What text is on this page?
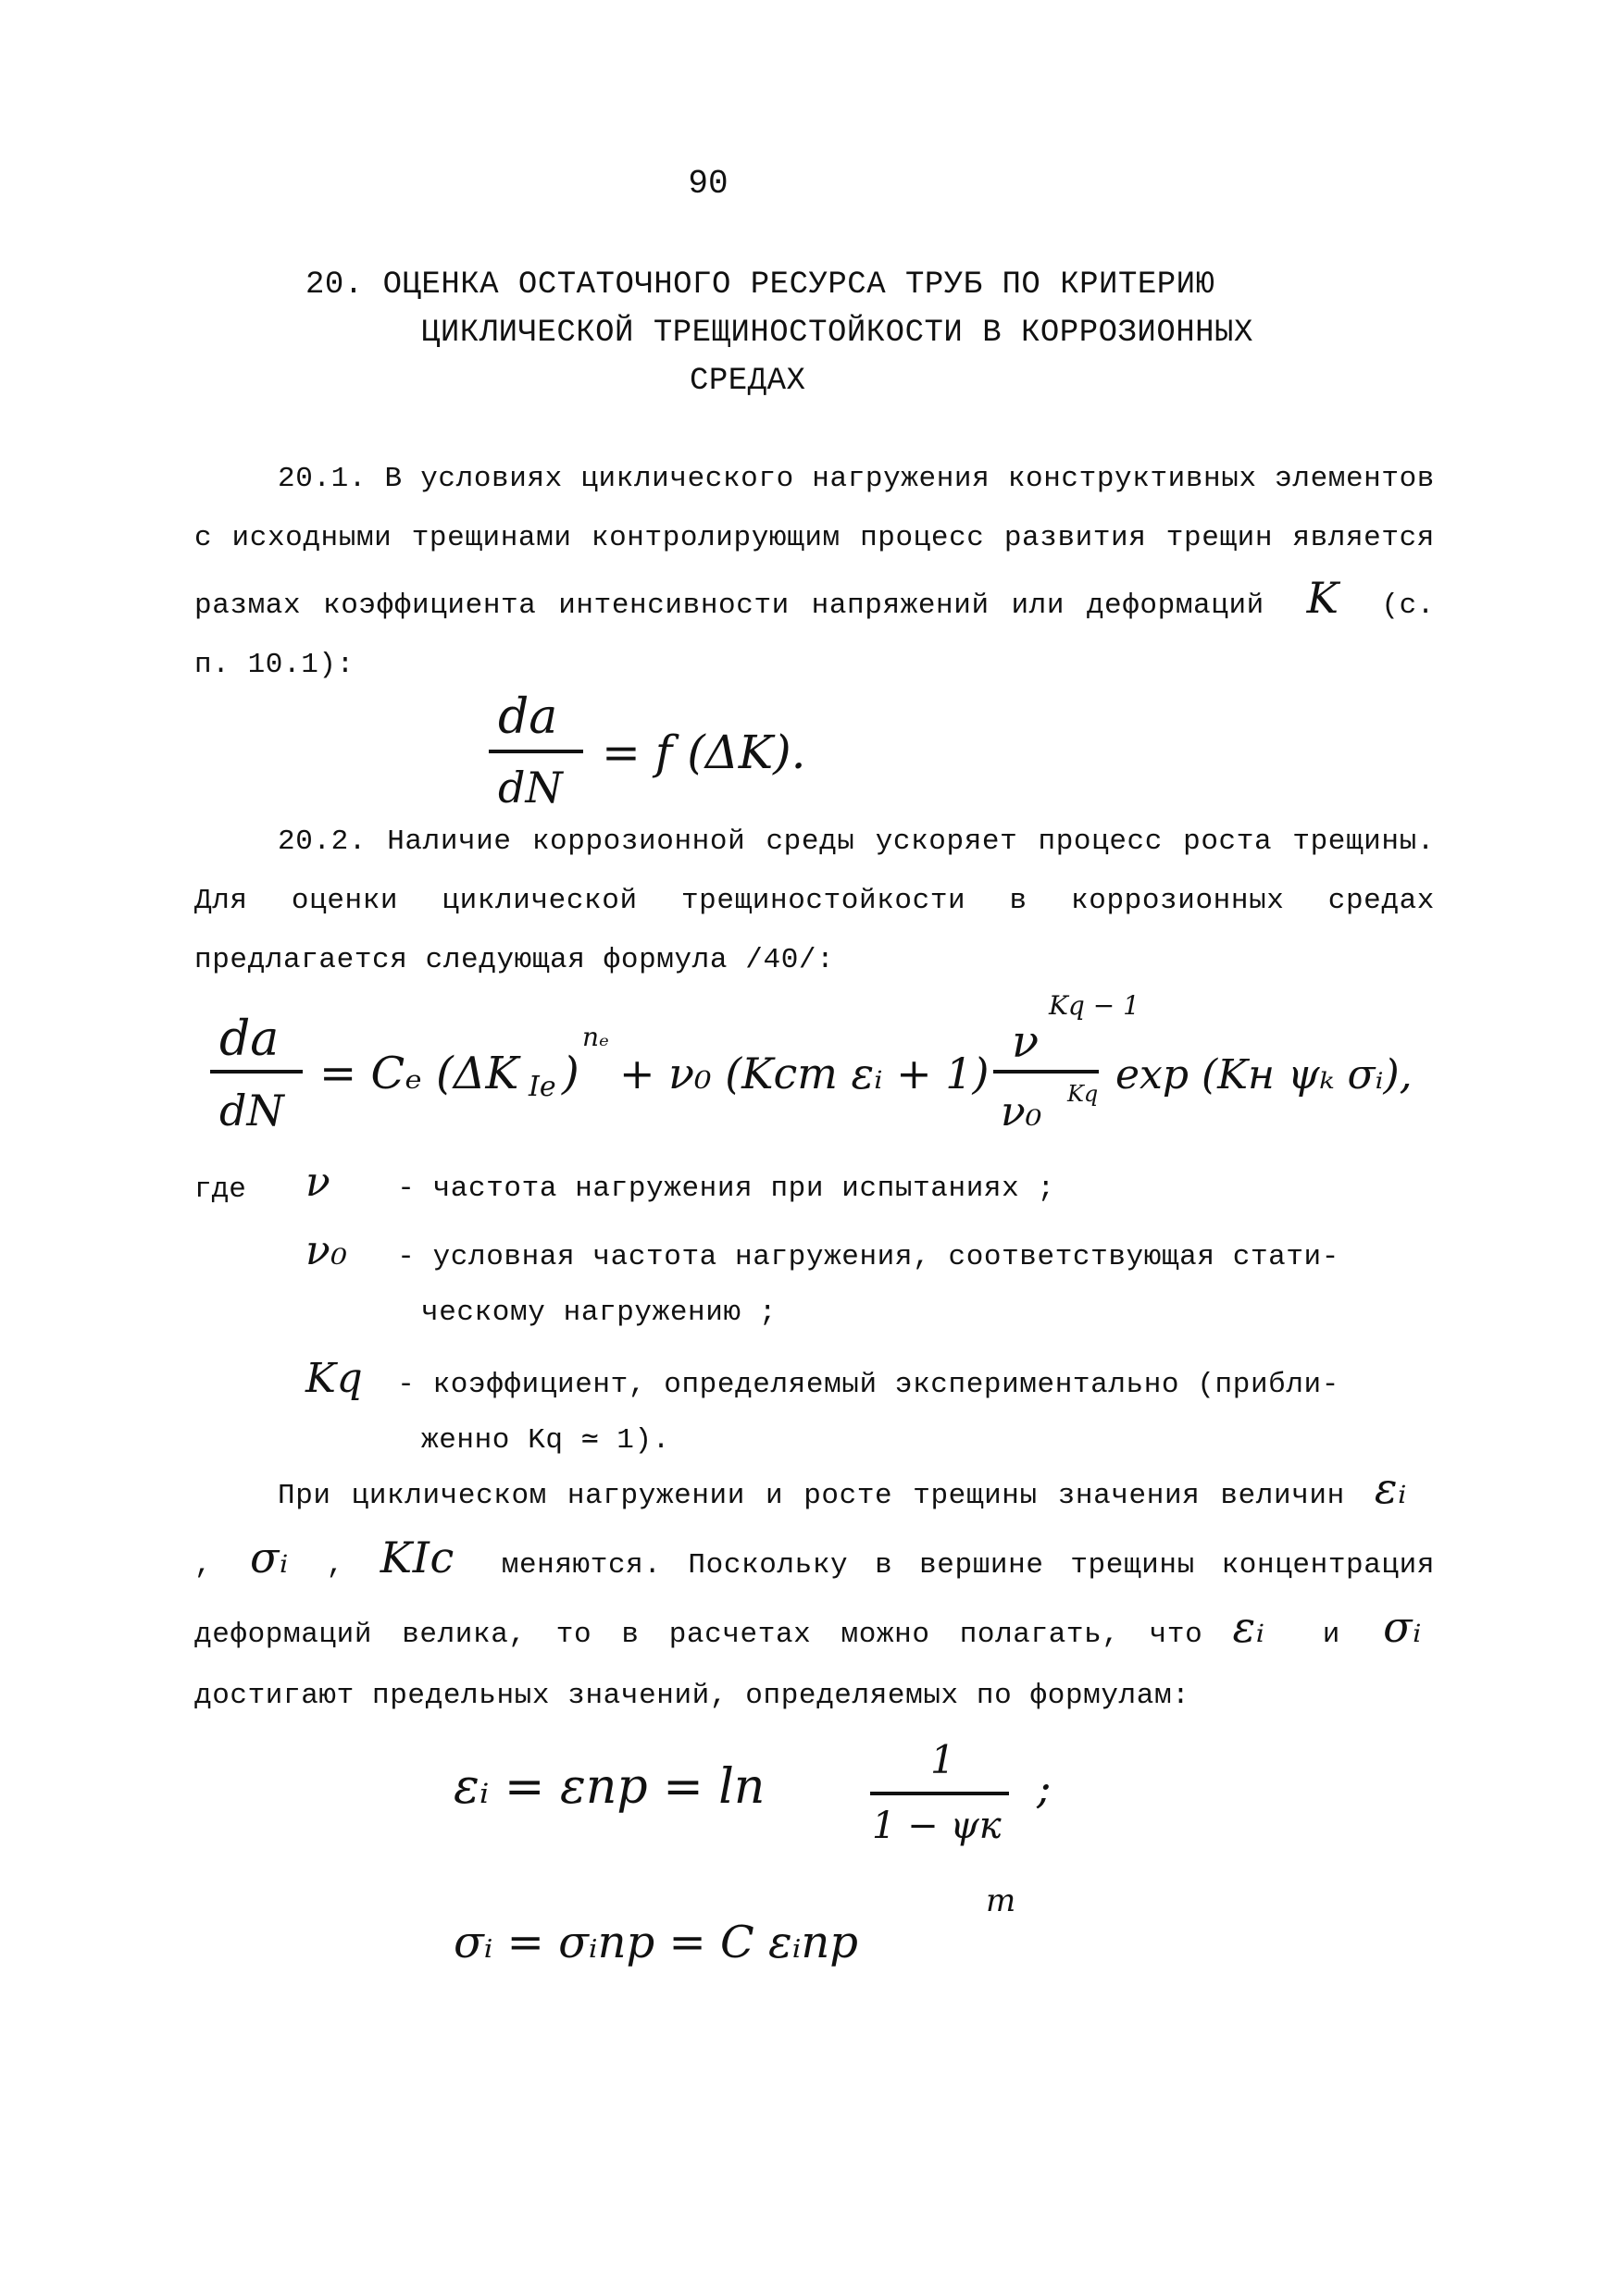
90
20. ОЦЕНКА ОСТАТОЧНОГО РЕСУРСА ТРУБ ПО КРИТЕРИЮ
ЦИКЛИЧЕСКОЙ ТРЕЩИНОСТОЙКОСТИ В КОРРОЗИОННЫХ
СРЕДАХ
20.1. В условиях циклического нагружения конструктивных элементов с исходными трещинами контролирующим процесс развития трещин является размах коэффициента интенсивности напряжений или деформаций K (с. п. 10.1):
da
dN
= f (ΔK).
20.2. Наличие коррозионной среды ускоряет процесс роста трещины. Для оценки циклической трещиностойкости в коррозионных средах предлагается следующая формула /40/:
da
dN
= Cₑ (ΔK Ie )
nₑ
+ ν₀ (Kст εᵢ + 1)
ν
Kq − 1
ν₀ Kq exp (Kн ψₖ σᵢ),
где ν - частота нагружения при испытаниях ;
ν₀ - условная частота нагружения, соответствующая стати-
ческому нагружению ;
Kq - коэффициент, определяемый экспериментально (прибли-
женно Kq ≃ 1).
При циклическом нагружении и росте трещины значения величин εᵢ , σᵢ , KIc меняются. Поскольку в вершине трещины концентрация деформаций велика, то в расчетах можно полагать, что εᵢ и σᵢ достигают предельных значений, определяемых по формулам:
εᵢ = εпр = ln	1
1 − ψк
;
σᵢ = σᵢпр = C εᵢпр
m
